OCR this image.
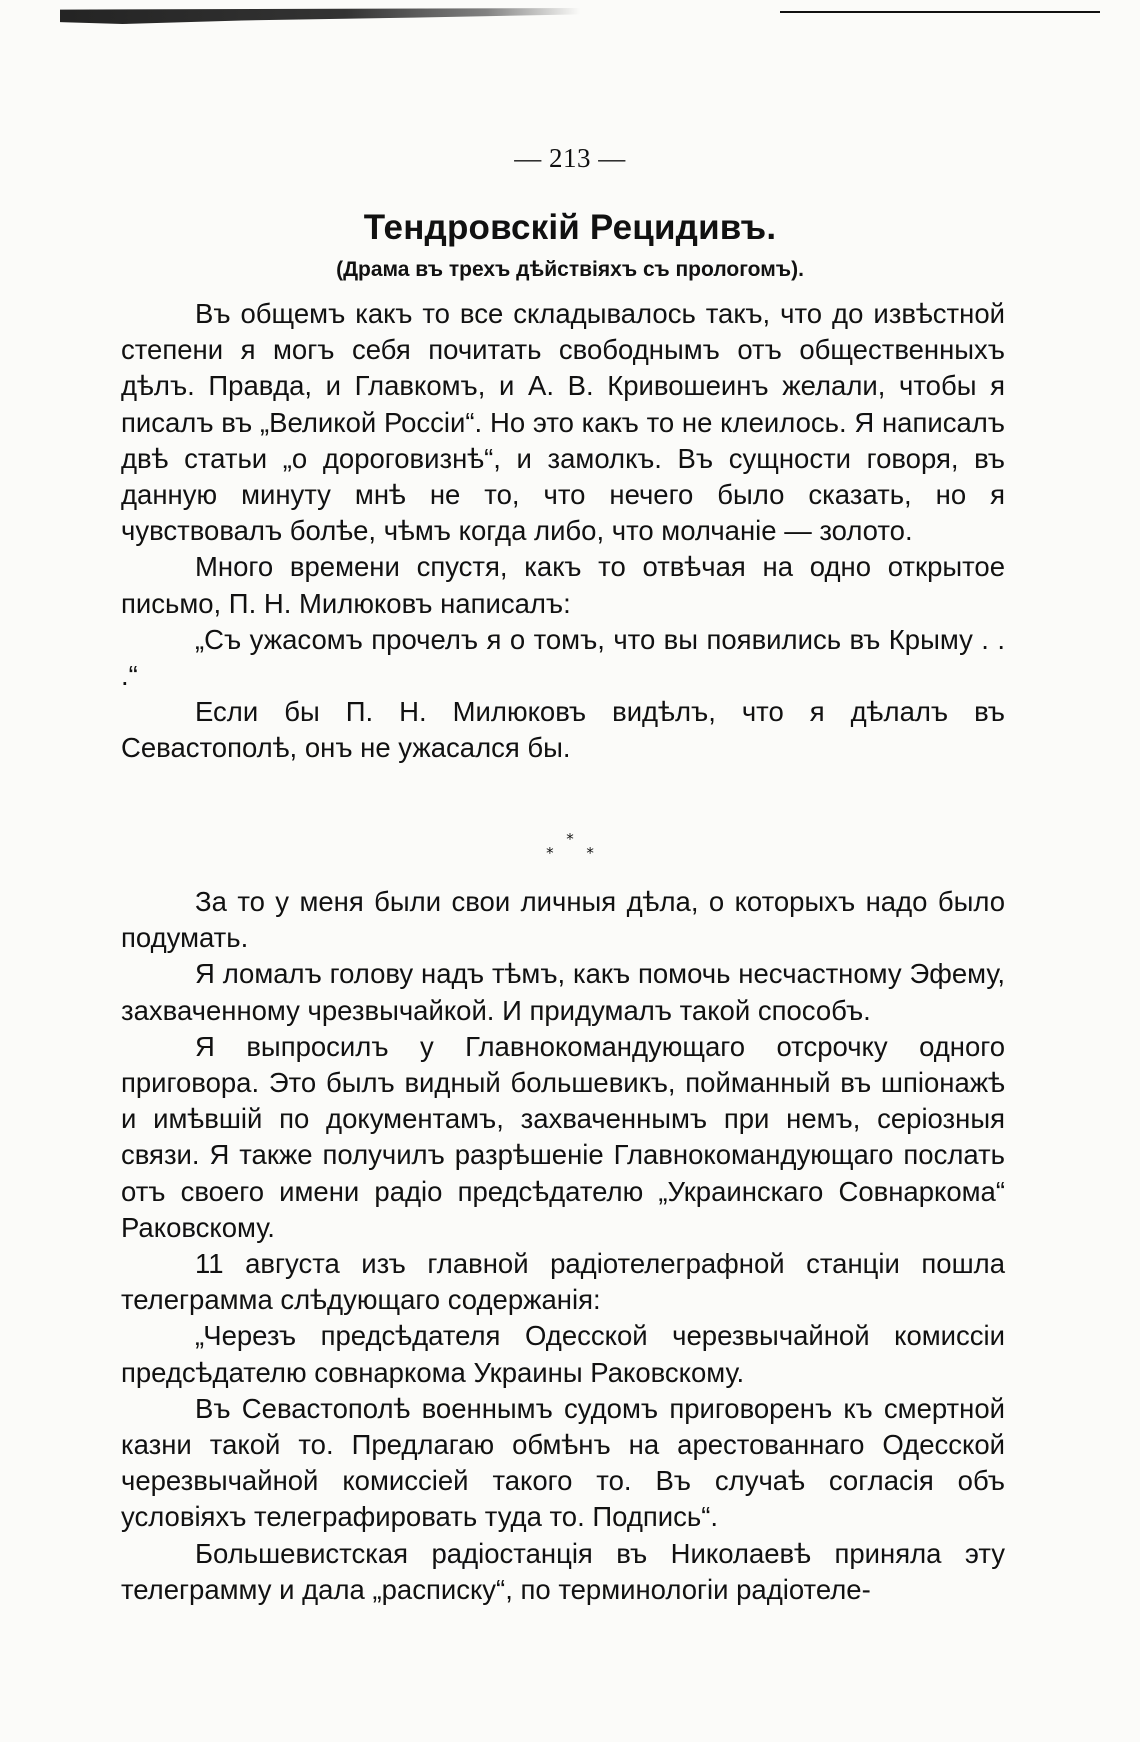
— 213 —
Тендровскій Рецидивъ.
(Драма въ трехъ дѣйствіяхъ съ прологомъ).

Въ общемъ какъ то все складывалось такъ, что до извѣстной степени я могъ себя почитать свободнымъ отъ общественныхъ дѣлъ. Правда, и Главкомъ, и А. В. Кривошеинъ желали, чтобы я писалъ въ „Великой Россіи“. Но это какъ то не клеилось. Я написалъ двѣ статьи „о дороговизнѣ“, и замолкъ. Въ сущности говоря, въ данную минуту мнѣ не то, что нечего было сказать, но я чувствовалъ болѣе, чѣмъ когда либо, что молчаніе — золото.

Много времени спустя, какъ то отвѣчая на одно открытое письмо, П. Н. Милюковъ написалъ:

„Съ ужасомъ прочелъ я о томъ, что вы появились въ Крыму . . .“

Если бы П. Н. Милюковъ видѣлъ, что я дѣлалъ въ Севастополѣ, онъ не ужасался бы.

*
* *

За то у меня были свои личныя дѣла, о которыхъ надо было подумать.

Я ломалъ голову надъ тѣмъ, какъ помочь несчастному Эфему, захваченному чрезвычайкой. И придумалъ такой способъ.

Я выпросилъ у Главнокомандующаго отсрочку одного приговора. Это былъ видный большевикъ, пойманный въ шпіонажѣ и имѣвшій по документамъ, захваченнымъ при немъ, серіозныя связи. Я также получилъ разрѣшеніе Главнокомандующаго послать отъ своего имени радіо предсѣдателю „Украинскаго Совнаркома“ Раковскому.

11 августа изъ главной радіотелеграфной станціи пошла телеграмма слѣдующаго содержанія:

„Черезъ предсѣдателя Одесской черезвычайной комиссіи предсѣдателю совнаркома Украины Раковскому.

Въ Севастополѣ военнымъ судомъ приговоренъ къ смертной казни такой то. Предлагаю обмѣнъ на арестованнаго Одесской черезвычайной комиссіей такого то. Въ случаѣ согласія объ условіяхъ телеграфировать туда то. Подпись“.

Большевистская радіостанція въ Николаевѣ приняла эту телеграмму и дала „расписку“, по терминологіи радіотеле-
